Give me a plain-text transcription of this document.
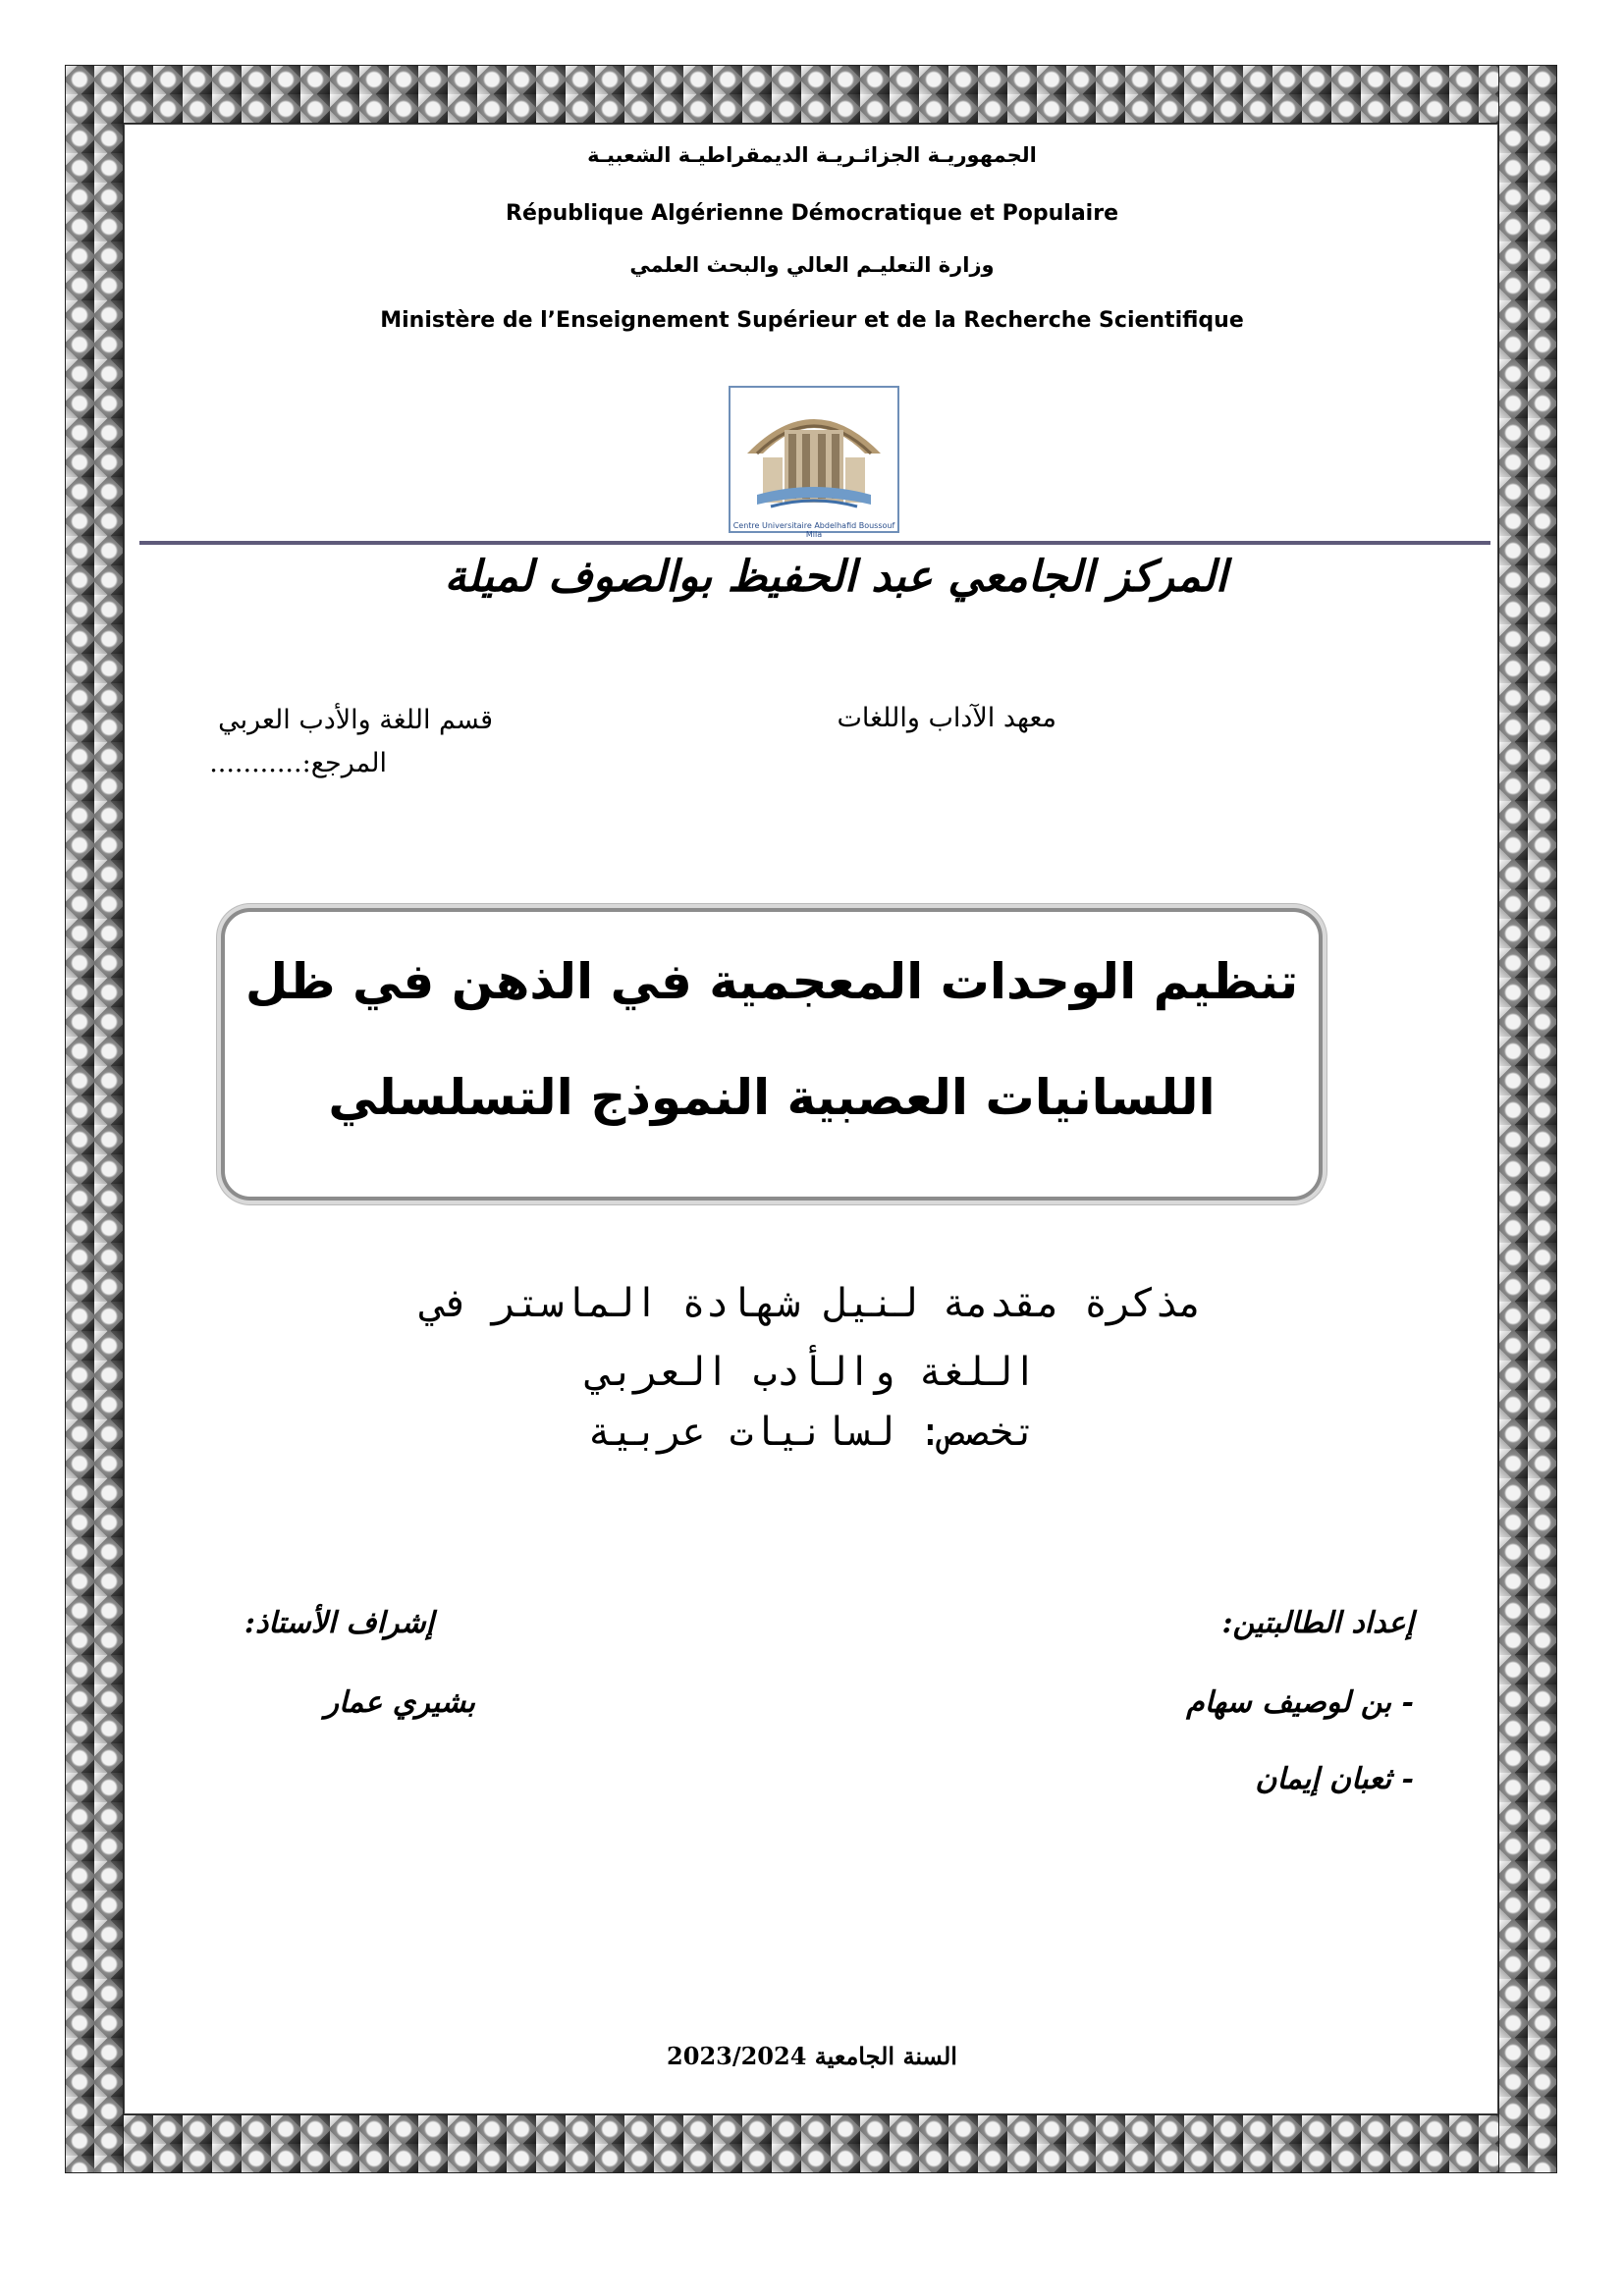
الجمهوريـة الجزائـريـة الديمقراطيـة الشعبيـة
République Algérienne Démocratique et Populaire
وزارة التعليـم العالي والبحث العلمي
Ministère de l’Enseignement Supérieur et de la Recherche Scientifique
Centre Universitaire Abdelhafid Boussouf Mila
المركز الجامعي عبد الحفيظ بوالصوف لميلة
معهد الآداب واللغات
قسم اللغة والأدب العربي
المرجع:...........
تنظيم الوحدات المعجمية في الذهن في ظل
اللسانيات العصبية النموذج التسلسلي
مذكرة مقدمة لنيل شهادة الماستر في
اللغة والأدب العربي
تخصص: لسانيات عربية
إعداد الطالبتين:
- بن لوصيف سهام
- ثعبان إيمان
إشراف الأستاذ:
بشيري عمار
السنة الجامعية 2023/2024
